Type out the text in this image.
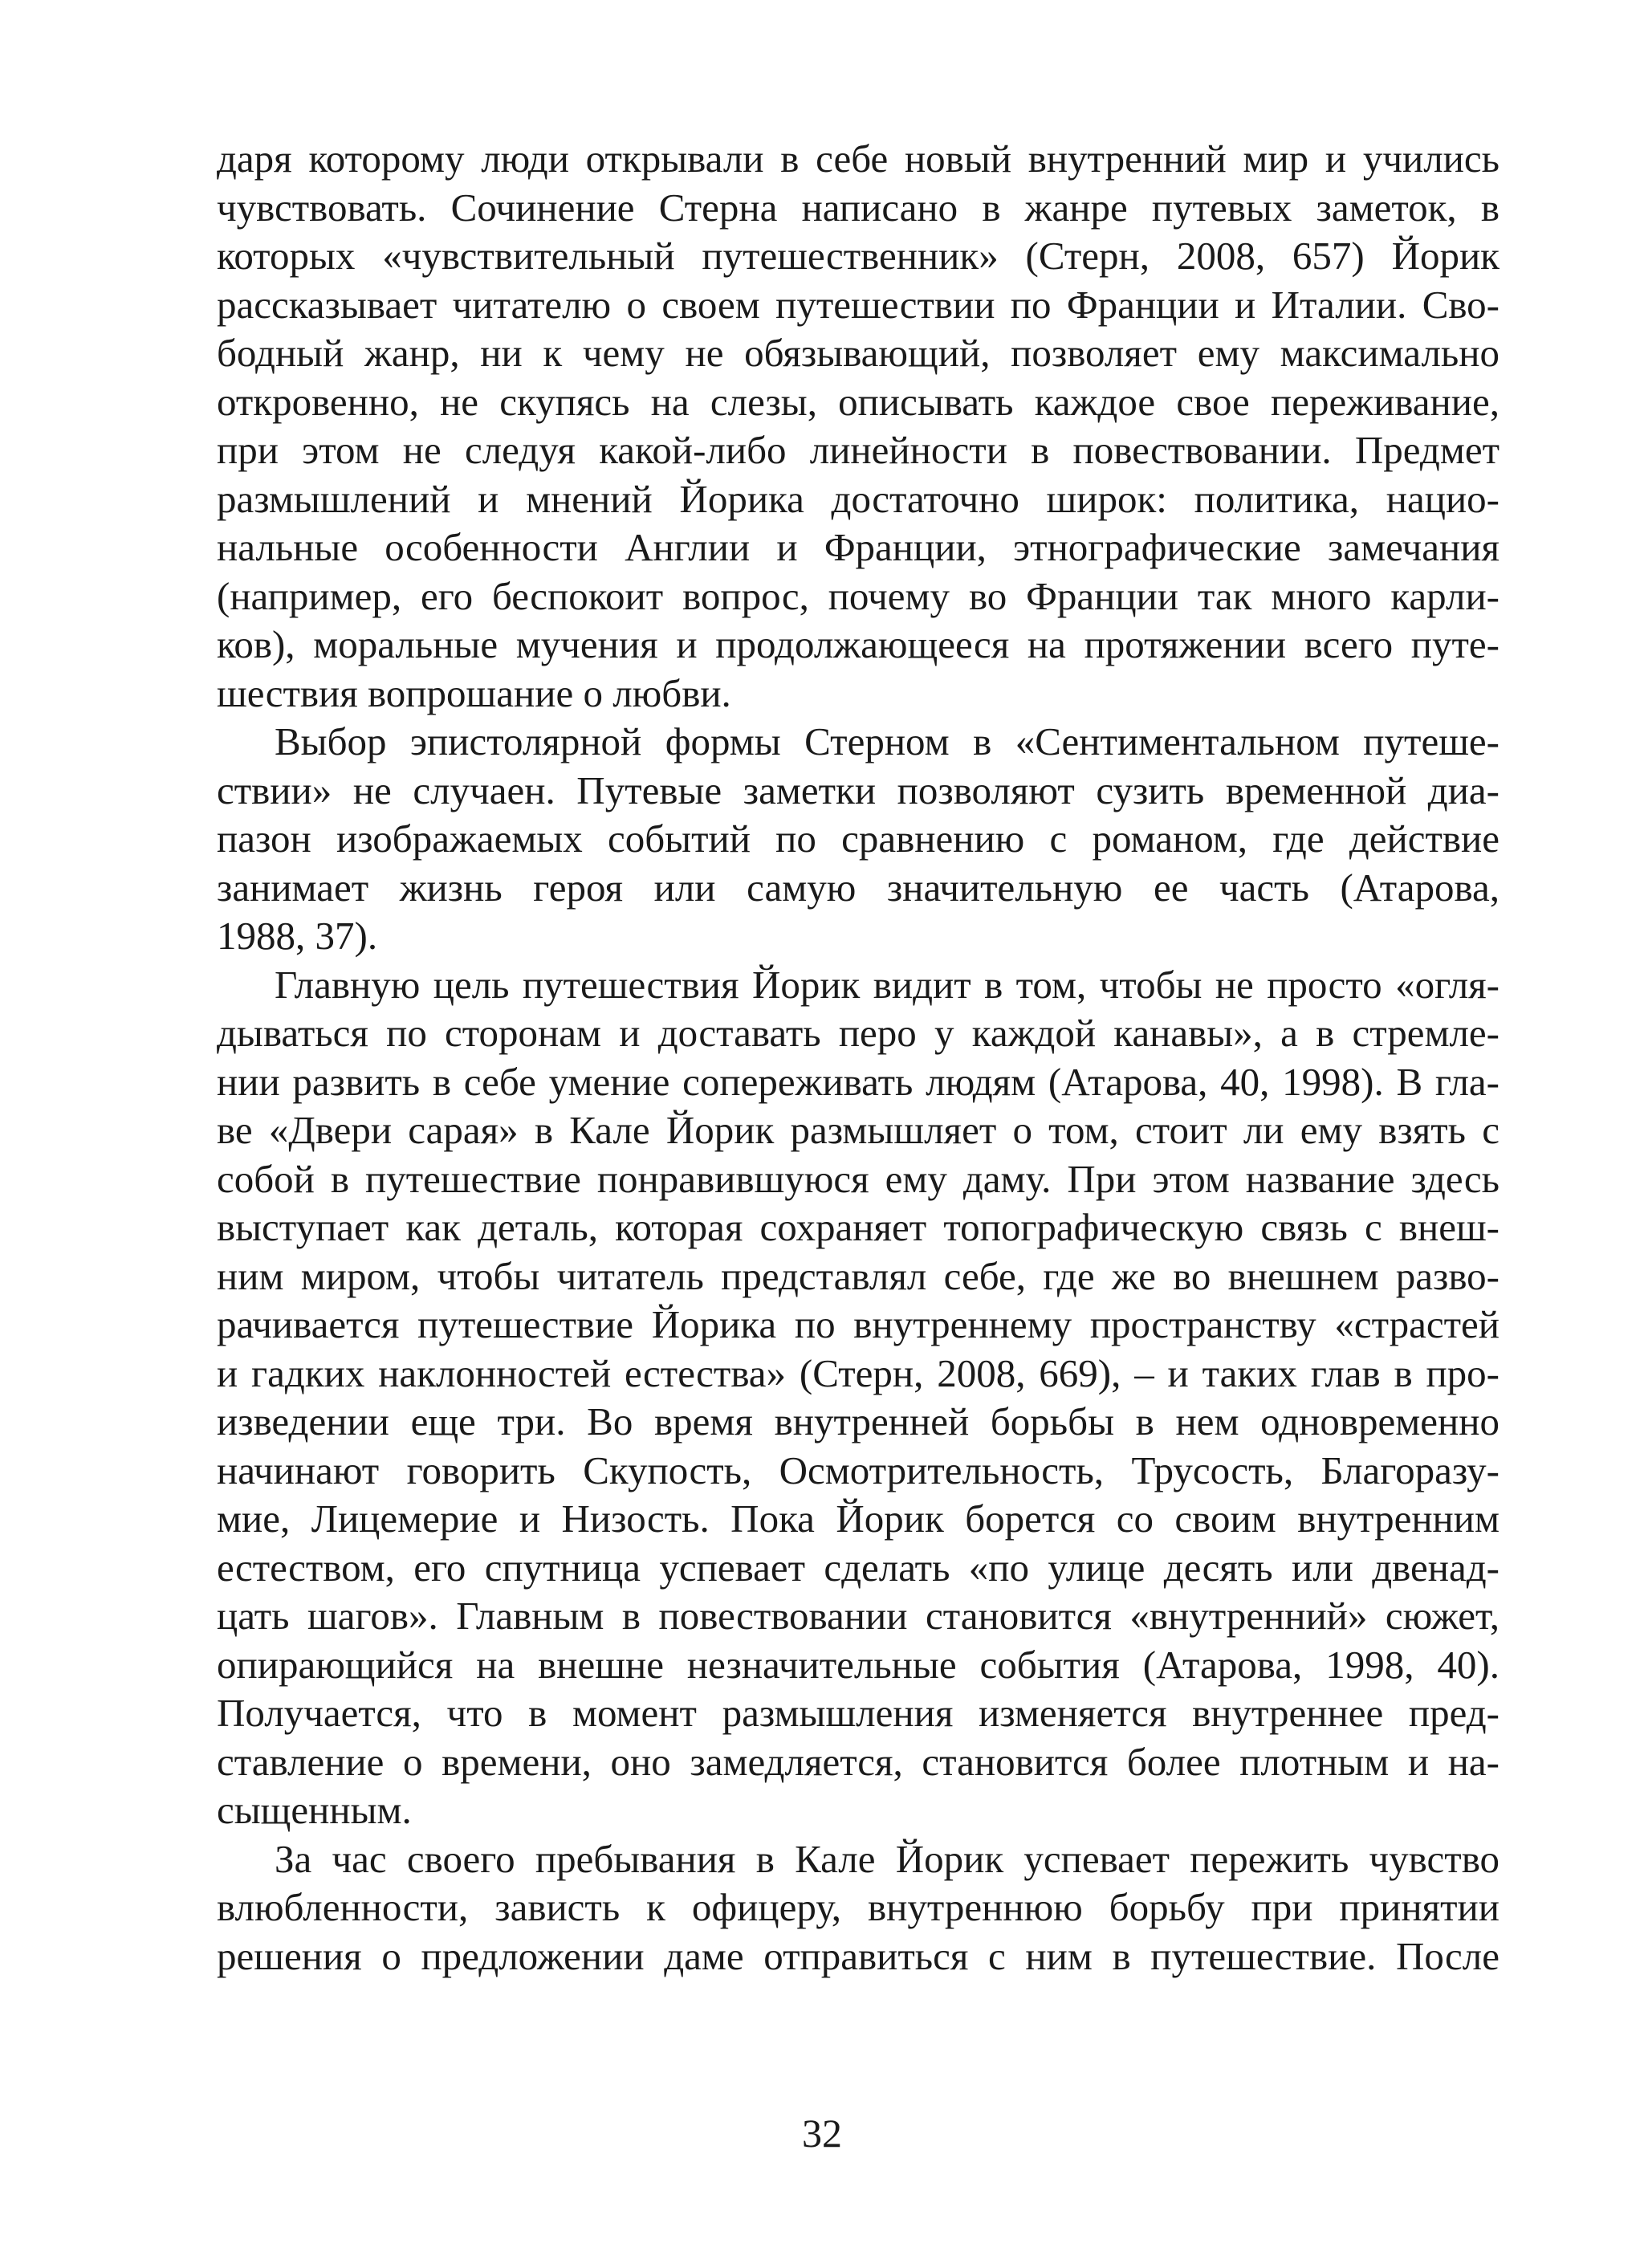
даря которому люди открывали в себе новый внутренний мир и учились
чувствовать. Сочинение Стерна написано в жанре путевых заметок, в
которых «чувствительный путешественник» (Стерн, 2008, 657) Йорик
рассказывает читателю о своем путешествии по Франции и Италии. Сво-
бодный жанр, ни к чему не обязывающий, позволяет ему максимально
откровенно, не скупясь на слезы, описывать каждое свое переживание,
при этом не следуя какой-либо линейности в повествовании. Предмет
размышлений и мнений Йорика достаточно широк: политика, нацио-
нальные особенности Англии и Франции, этнографические замечания
(например, его беспокоит вопрос, почему во Франции так много карли-
ков), моральные мучения и продолжающееся на протяжении всего путе-
шествия вопрошание о любви.
Выбор эпистолярной формы Стерном в «Сентиментальном путеше-
ствии» не случаен. Путевые заметки позволяют сузить временной диа-
пазон изображаемых событий по сравнению с романом, где действие
занимает жизнь героя или самую значительную ее часть (Атарова,
1988, 37).
Главную цель путешествия Йорик видит в том, чтобы не просто «огля-
дываться по сторонам и доставать перо у каждой канавы», а в стремле-
нии развить в себе умение сопереживать людям (Атарова, 40, 1998). В гла-
ве «Двери сарая» в Кале Йорик размышляет о том, стоит ли ему взять с
собой в путешествие понравившуюся ему даму. При этом название здесь
выступает как деталь, которая сохраняет топографическую связь с внеш-
ним миром, чтобы читатель представлял себе, где же во внешнем разво-
рачивается путешествие Йорика по внутреннему пространству «страстей
и гадких наклонностей естества» (Стерн, 2008, 669), – и таких глав в про-
изведении еще три. Во время внутренней борьбы в нем одновременно
начинают говорить Скупость, Осмотрительность, Трусость, Благоразу-
мие, Лицемерие и Низость. Пока Йорик борется со своим внутренним
естеством, его спутница успевает сделать «по улице десять или двенад-
цать шагов». Главным в повествовании становится «внутренний» сюжет,
опирающийся на внешне незначительные события (Атарова, 1998, 40).
Получается, что в момент размышления изменяется внутреннее пред-
ставление о времени, оно замедляется, становится более плотным и на-
сыщенным.
За час своего пребывания в Кале Йорик успевает пережить чувство
влюбленности, зависть к офицеру, внутреннюю борьбу при принятии
решения о предложении даме отправиться с ним в путешествие. После
32
